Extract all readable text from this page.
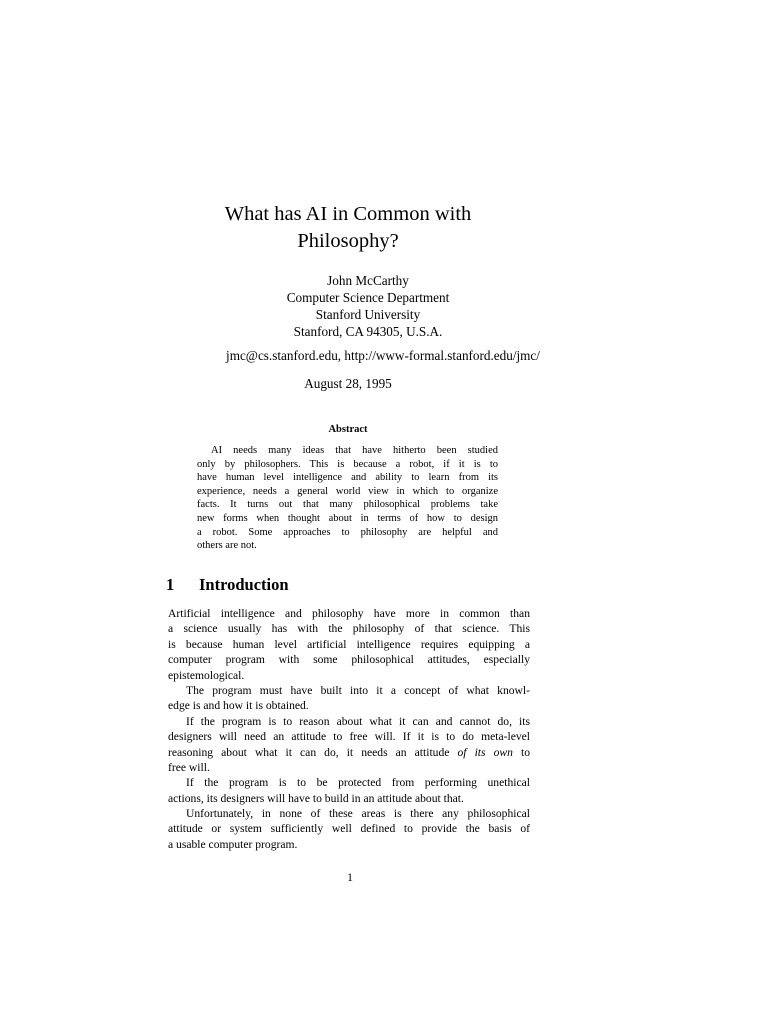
What has AI in Common with
Philosophy?
John McCarthy
Computer Science Department
Stanford University
Stanford, CA 94305, U.S.A.
jmc@cs.stanford.edu, http://www-formal.stanford.edu/jmc/
August 28, 1995
Abstract
AI needs many ideas that have hitherto been studied
only by philosophers. This is because a robot, if it is to
have human level intelligence and ability to learn from its
experience, needs a general world view in which to organize
facts. It turns out that many philosophical problems take
new forms when thought about in terms of how to design
a robot. Some approaches to philosophy are helpful and
others are not.
1 Introduction
Artificial intelligence and philosophy have more in common than
a science usually has with the philosophy of that science. This
is because human level artificial intelligence requires equipping a
computer program with some philosophical attitudes, especially
epistemological.
The program must have built into it a concept of what knowl-
edge is and how it is obtained.
If the program is to reason about what it can and cannot do, its
designers will need an attitude to free will. If it is to do meta-level
reasoning about what it can do, it needs an attitude of its own to
free will.
If the program is to be protected from performing unethical
actions, its designers will have to build in an attitude about that.
Unfortunately, in none of these areas is there any philosophical
attitude or system sufficiently well defined to provide the basis of
a usable computer program.
1
